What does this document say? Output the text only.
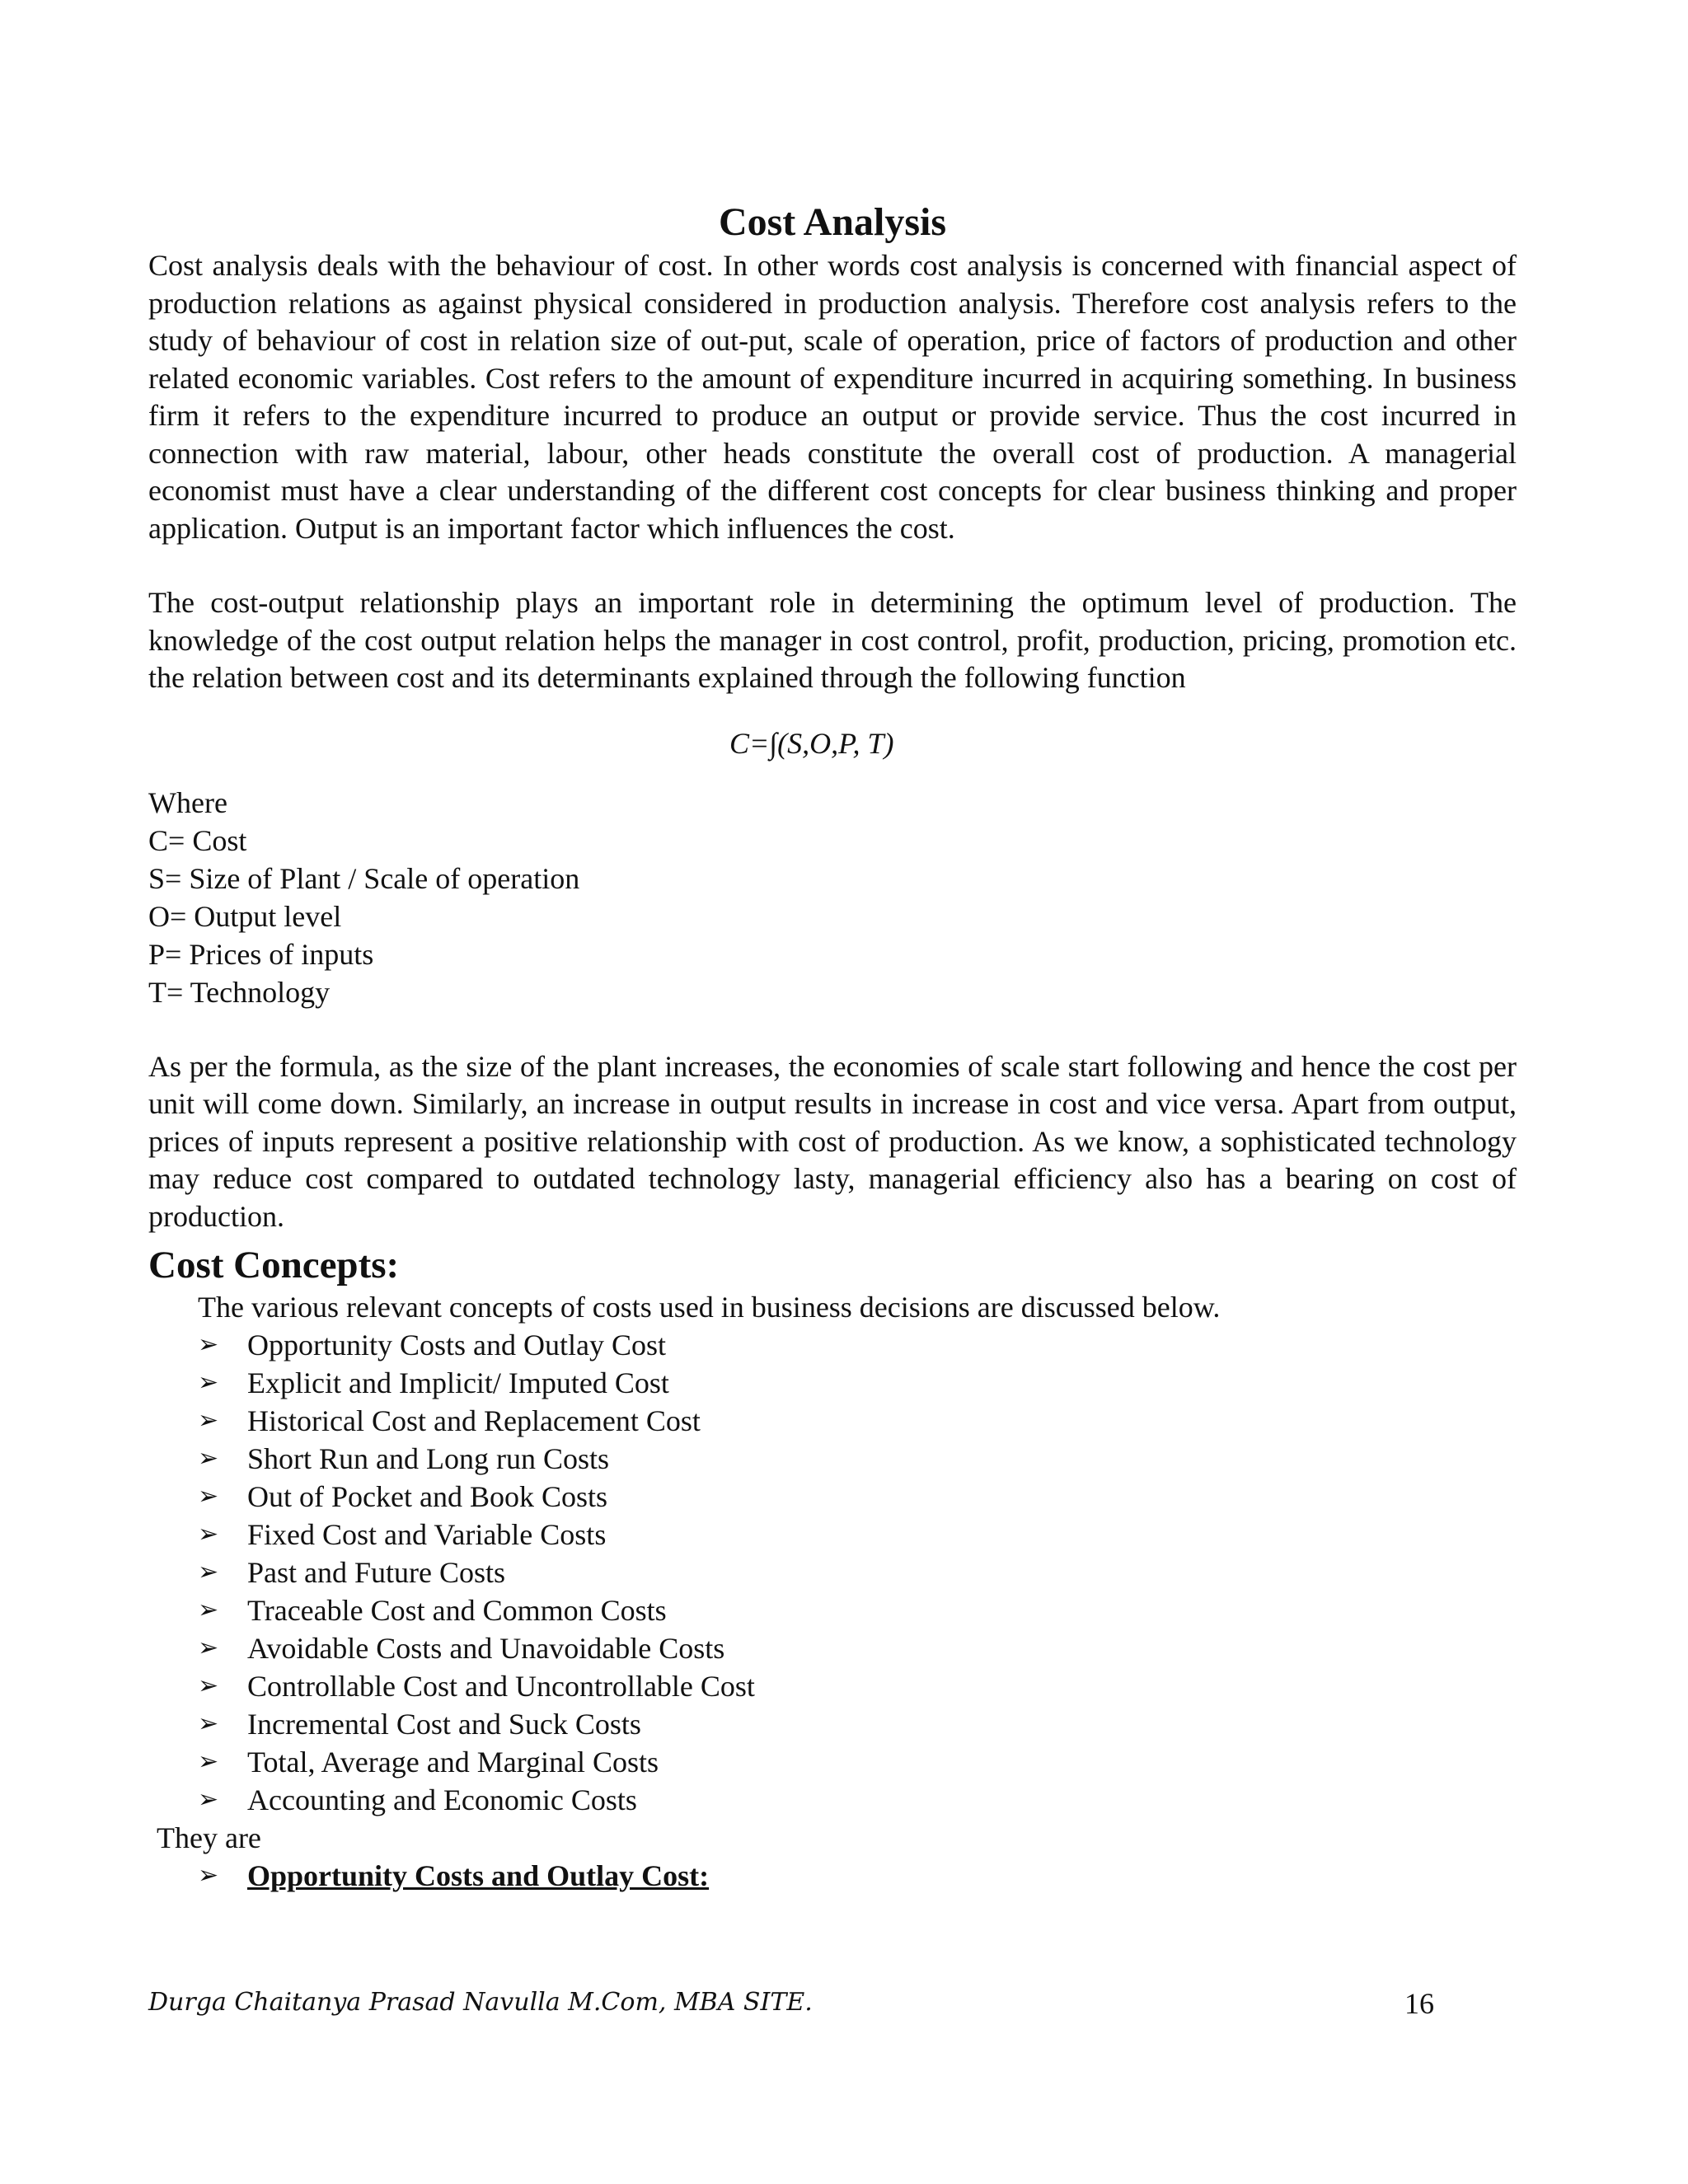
Cost Analysis

Cost analysis deals with the behaviour of cost. In other words cost analysis is concerned with financial aspect of production relations as against physical considered in production analysis. Therefore cost analysis refers to the study of behaviour of cost in relation size of out-put, scale of operation, price of factors of production and other related economic variables. Cost refers to the amount of expenditure incurred in acquiring something. In business firm it refers to the expenditure incurred to produce an output or provide service. Thus the cost incurred in connection with raw material, labour, other heads constitute the overall cost of production. A managerial economist must have a clear understanding of the different cost concepts for clear business thinking and proper application. Output is an important factor which influences the cost.

The cost-output relationship plays an important role in determining the optimum level of production. The knowledge of the cost output relation helps the manager in cost control, profit, production, pricing, promotion etc. the relation between cost and its determinants explained through the following function

C=∫(S,O,P, T)
Where
C= Cost
S= Size of Plant / Scale of operation
O= Output level
P= Prices of inputs
T= Technology

As per the formula, as the size of the plant increases, the economies of scale start following and hence the cost per unit will come down. Similarly, an increase in output results in increase in cost and vice versa. Apart from output, prices of inputs represent a positive relationship with cost of production. As we know, a sophisticated technology may reduce cost compared to outdated technology lasty, managerial efficiency also has a bearing on cost of production.

Cost Concepts:
The various relevant concepts of costs used in business decisions are discussed below.
➢ Opportunity Costs and Outlay Cost
➢ Explicit and Implicit/ Imputed Cost
➢ Historical Cost and Replacement Cost
➢ Short Run and Long run Costs
➢ Out of Pocket and Book Costs
➢ Fixed Cost and Variable Costs
➢ Past and Future Costs
➢ Traceable Cost and Common Costs
➢ Avoidable Costs and Unavoidable Costs
➢ Controllable Cost and Uncontrollable Cost
➢ Incremental Cost and Suck Costs
➢ Total, Average and Marginal Costs
➢ Accounting and Economic Costs
They are
➢ Opportunity Costs and Outlay Cost:
Durga Chaitanya Prasad Navulla M.Com, MBA SITE.	16
